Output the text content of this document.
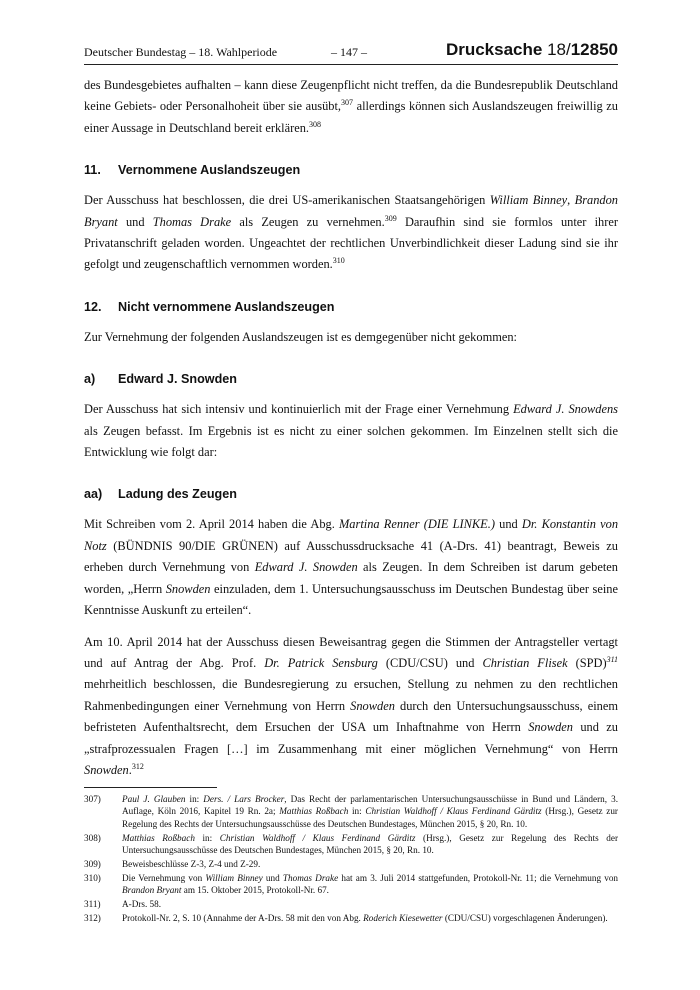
Deutscher Bundestag – 18. Wahlperiode	– 147 –	Drucksache 18/12850

des Bundesgebietes aufhalten – kann diese Zeugenpflicht nicht treffen, da die Bundesrepublik Deutschland keine Gebiets- oder Personalhoheit über sie ausübt,$^{307}$ allerdings können sich Auslandszeugen freiwillig zu einer Aussage in Deutschland bereit erklären.$^{308}$

11. Vernommene Auslandszeugen

Der Ausschuss hat beschlossen, die drei US-amerikanischen Staatsangehörigen William Binney, Brandon Bryant und Thomas Drake als Zeugen zu vernehmen.$^{309}$ Daraufhin sind sie formlos unter ihrer Privatanschrift geladen worden. Ungeachtet der rechtlichen Unverbindlichkeit dieser Ladung sind sie ihr gefolgt und zeugenschaftlich vernommen worden.$^{310}$

12. Nicht vernommene Auslandszeugen

Zur Vernehmung der folgenden Auslandszeugen ist es demgegenüber nicht gekommen:

a) Edward J. Snowden

Der Ausschuss hat sich intensiv und kontinuierlich mit der Frage einer Vernehmung Edward J. Snowdens als Zeugen befasst. Im Ergebnis ist es nicht zu einer solchen gekommen. Im Einzelnen stellt sich die Entwicklung wie folgt dar:

aa) Ladung des Zeugen

Mit Schreiben vom 2. April 2014 haben die Abg. Martina Renner (DIE LINKE.) und Dr. Konstantin von Notz (BÜNDNIS 90/DIE GRÜNEN) auf Ausschussdrucksache 41 (A-Drs. 41) beantragt, Beweis zu erheben durch Vernehmung von Edward J. Snowden als Zeugen. In dem Schreiben ist darum gebeten worden, „Herrn Snowden einzuladen, dem 1. Untersuchungsausschuss im Deutschen Bundestag über seine Kenntnisse Auskunft zu erteilen“.

Am 10. April 2014 hat der Ausschuss diesen Beweisantrag gegen die Stimmen der Antragsteller vertagt und auf Antrag der Abg. Prof. Dr. Patrick Sensburg (CDU/CSU) und Christian Flisek (SPD)$^{311}$ mehrheitlich beschlossen, die Bundesregierung zu ersuchen, Stellung zu nehmen zu den rechtlichen Rahmenbedingungen einer Vernehmung von Herrn Snowden durch den Untersuchungsausschuss, einem befristeten Aufenthaltsrecht, dem Ersuchen der USA um Inhaftnahme von Herrn Snowden und zu „strafprozessualen Fragen […] im Zusammenhang mit einer möglichen Vernehmung“ von Herrn Snowden.$^{312}$

307)	Paul J. Glauben in: Ders. / Lars Brocker, Das Recht der parlamentarischen Untersuchungsausschüsse in Bund und Ländern, 3. Auflage, Köln 2016, Kapitel 19 Rn. 2a; Matthias Roßbach in: Christian Waldhoff / Klaus Ferdinand Gärditz (Hrsg.), Gesetz zur Regelung des Rechts der Untersuchungsausschüsse des Deutschen Bundestages, München 2015, § 20, Rn. 10.
308)	Matthias Roßbach in: Christian Waldhoff / Klaus Ferdinand Gärditz (Hrsg.), Gesetz zur Regelung des Rechts der Untersuchungsausschüsse des Deutschen Bundestages, München 2015, § 20, Rn. 10.
309)	Beweisbeschlüsse Z-3, Z-4 und Z-29.
310)	Die Vernehmung von William Binney und Thomas Drake hat am 3. Juli 2014 stattgefunden, Protokoll-Nr. 11; die Vernehmung von Brandon Bryant am 15. Oktober 2015, Protokoll-Nr. 67.
311)	A-Drs. 58.
312)	Protokoll-Nr. 2, S. 10 (Annahme der A-Drs. 58 mit den von Abg. Roderich Kiesewetter (CDU/CSU) vorgeschlagenen Änderungen).
